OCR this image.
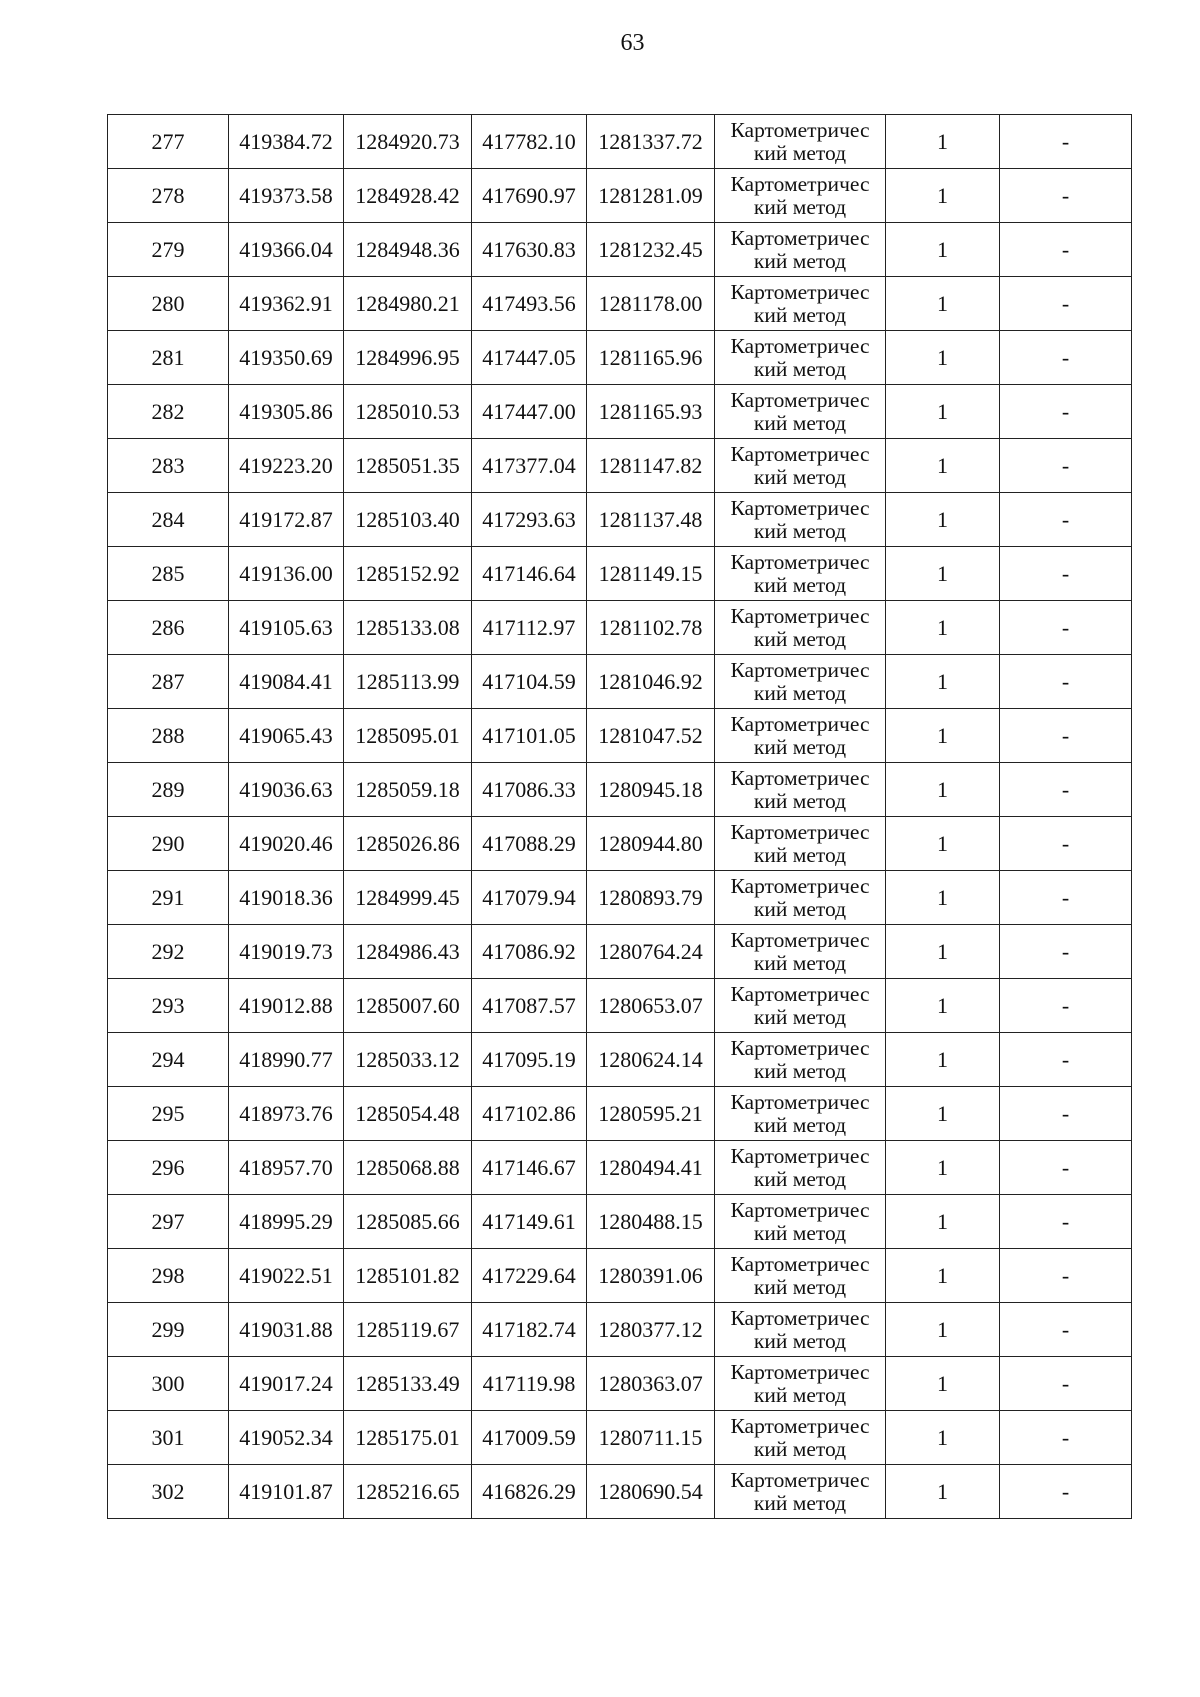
63
277	419384.72	1284920.73	417782.10	1281337.72	Картометричес кий метод	1	-
278	419373.58	1284928.42	417690.97	1281281.09	Картометричес кий метод	1	-
279	419366.04	1284948.36	417630.83	1281232.45	Картометричес кий метод	1	-
280	419362.91	1284980.21	417493.56	1281178.00	Картометричес кий метод	1	-
281	419350.69	1284996.95	417447.05	1281165.96	Картометричес кий метод	1	-
282	419305.86	1285010.53	417447.00	1281165.93	Картометричес кий метод	1	-
283	419223.20	1285051.35	417377.04	1281147.82	Картометричес кий метод	1	-
284	419172.87	1285103.40	417293.63	1281137.48	Картометричес кий метод	1	-
285	419136.00	1285152.92	417146.64	1281149.15	Картометричес кий метод	1	-
286	419105.63	1285133.08	417112.97	1281102.78	Картометричес кий метод	1	-
287	419084.41	1285113.99	417104.59	1281046.92	Картометричес кий метод	1	-
288	419065.43	1285095.01	417101.05	1281047.52	Картометричес кий метод	1	-
289	419036.63	1285059.18	417086.33	1280945.18	Картометричес кий метод	1	-
290	419020.46	1285026.86	417088.29	1280944.80	Картометричес кий метод	1	-
291	419018.36	1284999.45	417079.94	1280893.79	Картометричес кий метод	1	-
292	419019.73	1284986.43	417086.92	1280764.24	Картометричес кий метод	1	-
293	419012.88	1285007.60	417087.57	1280653.07	Картометричес кий метод	1	-
294	418990.77	1285033.12	417095.19	1280624.14	Картометричес кий метод	1	-
295	418973.76	1285054.48	417102.86	1280595.21	Картометричес кий метод	1	-
296	418957.70	1285068.88	417146.67	1280494.41	Картометричес кий метод	1	-
297	418995.29	1285085.66	417149.61	1280488.15	Картометричес кий метод	1	-
298	419022.51	1285101.82	417229.64	1280391.06	Картометричес кий метод	1	-
299	419031.88	1285119.67	417182.74	1280377.12	Картометричес кий метод	1	-
300	419017.24	1285133.49	417119.98	1280363.07	Картометричес кий метод	1	-
301	419052.34	1285175.01	417009.59	1280711.15	Картометричес кий метод	1	-
302	419101.87	1285216.65	416826.29	1280690.54	Картометричес кий метод	1	-
